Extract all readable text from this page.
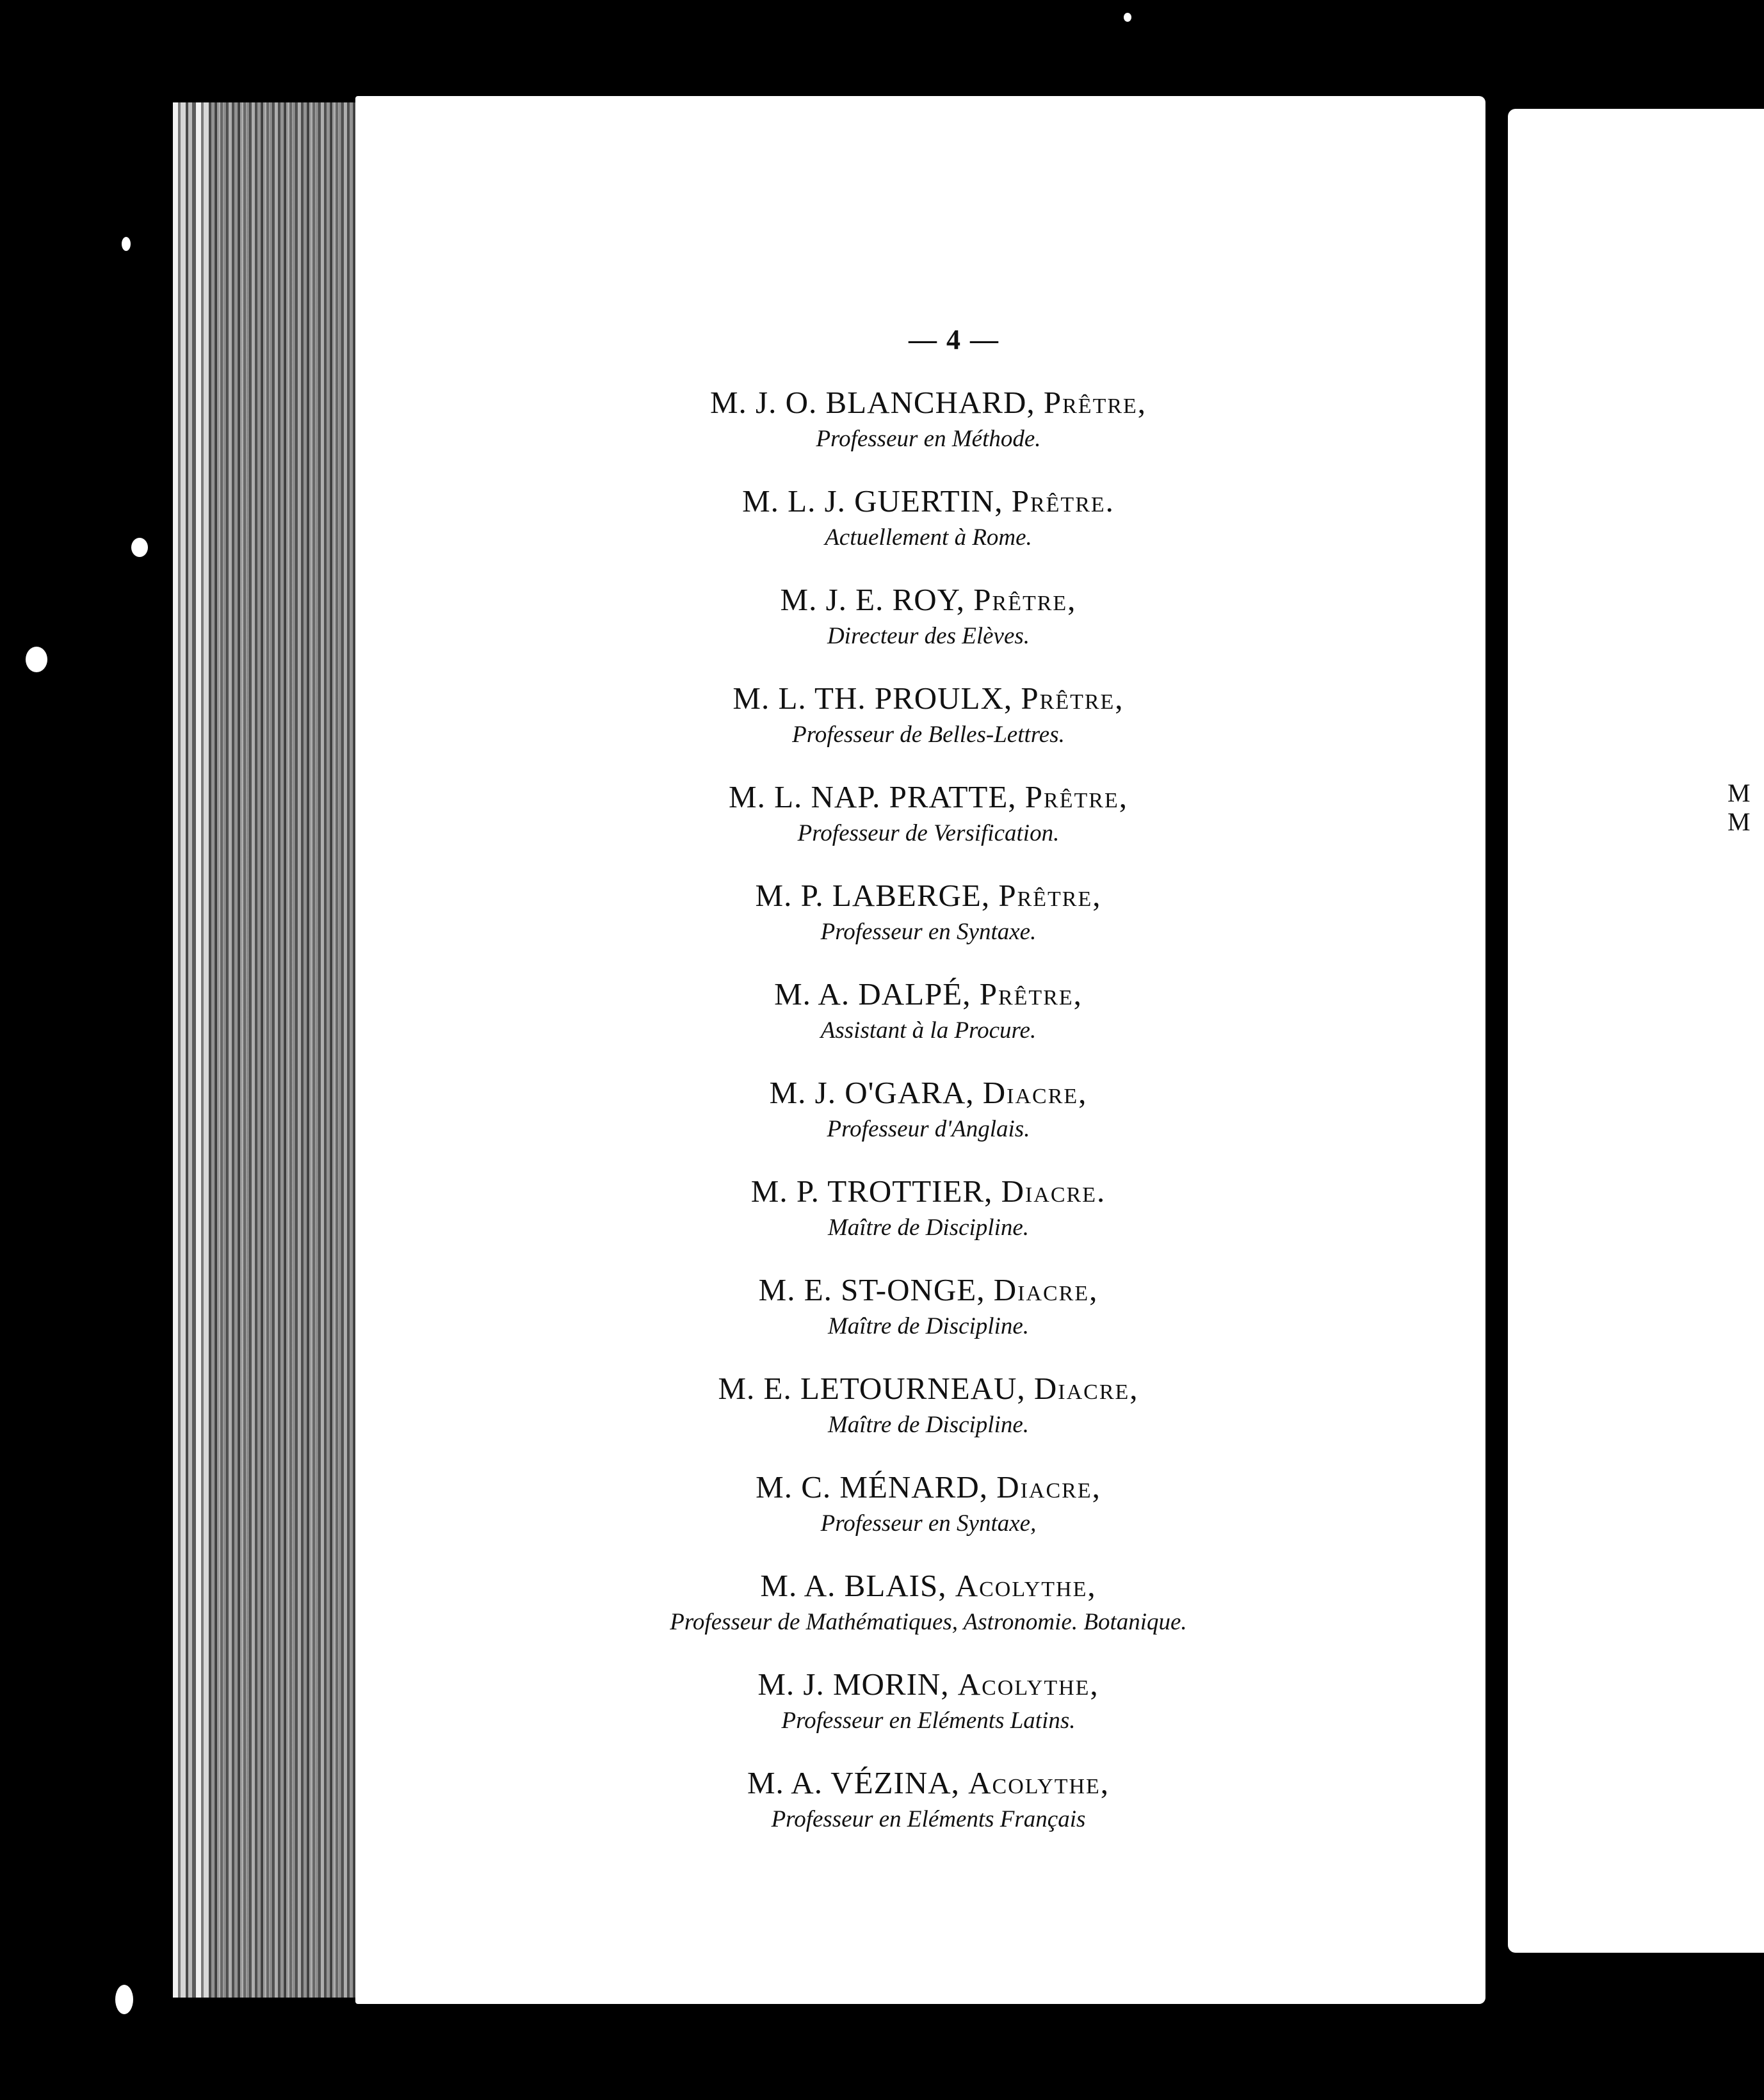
M
M
— 4 —
M. J. O. BLANCHARD, Prêtre,
Professeur en Méthode.
M. L. J. GUERTIN, Prêtre.
Actuellement à Rome.
M. J. E. ROY, Prêtre,
Directeur des Elèves.
M. L. TH. PROULX, Prêtre,
Professeur de Belles-Lettres.
M. L. NAP. PRATTE, Prêtre,
Professeur de Versification.
M. P. LABERGE, Prêtre,
Professeur en Syntaxe.
M. A. DALPÉ, Prêtre,
Assistant à la Procure.
M. J. O'GARA, Diacre,
Professeur d'Anglais.
M. P. TROTTIER, Diacre.
Maître de Discipline.
M. E. ST-ONGE, Diacre,
Maître de Discipline.
M. E. LETOURNEAU, Diacre,
Maître de Discipline.
M. C. MÉNARD, Diacre,
Professeur en Syntaxe,
M. A. BLAIS, Acolythe,
Professeur de Mathématiques, Astronomie. Botanique.
M. J. MORIN, Acolythe,
Professeur en Eléments Latins.
M. A. VÉZINA, Acolythe,
Professeur en Eléments Français
